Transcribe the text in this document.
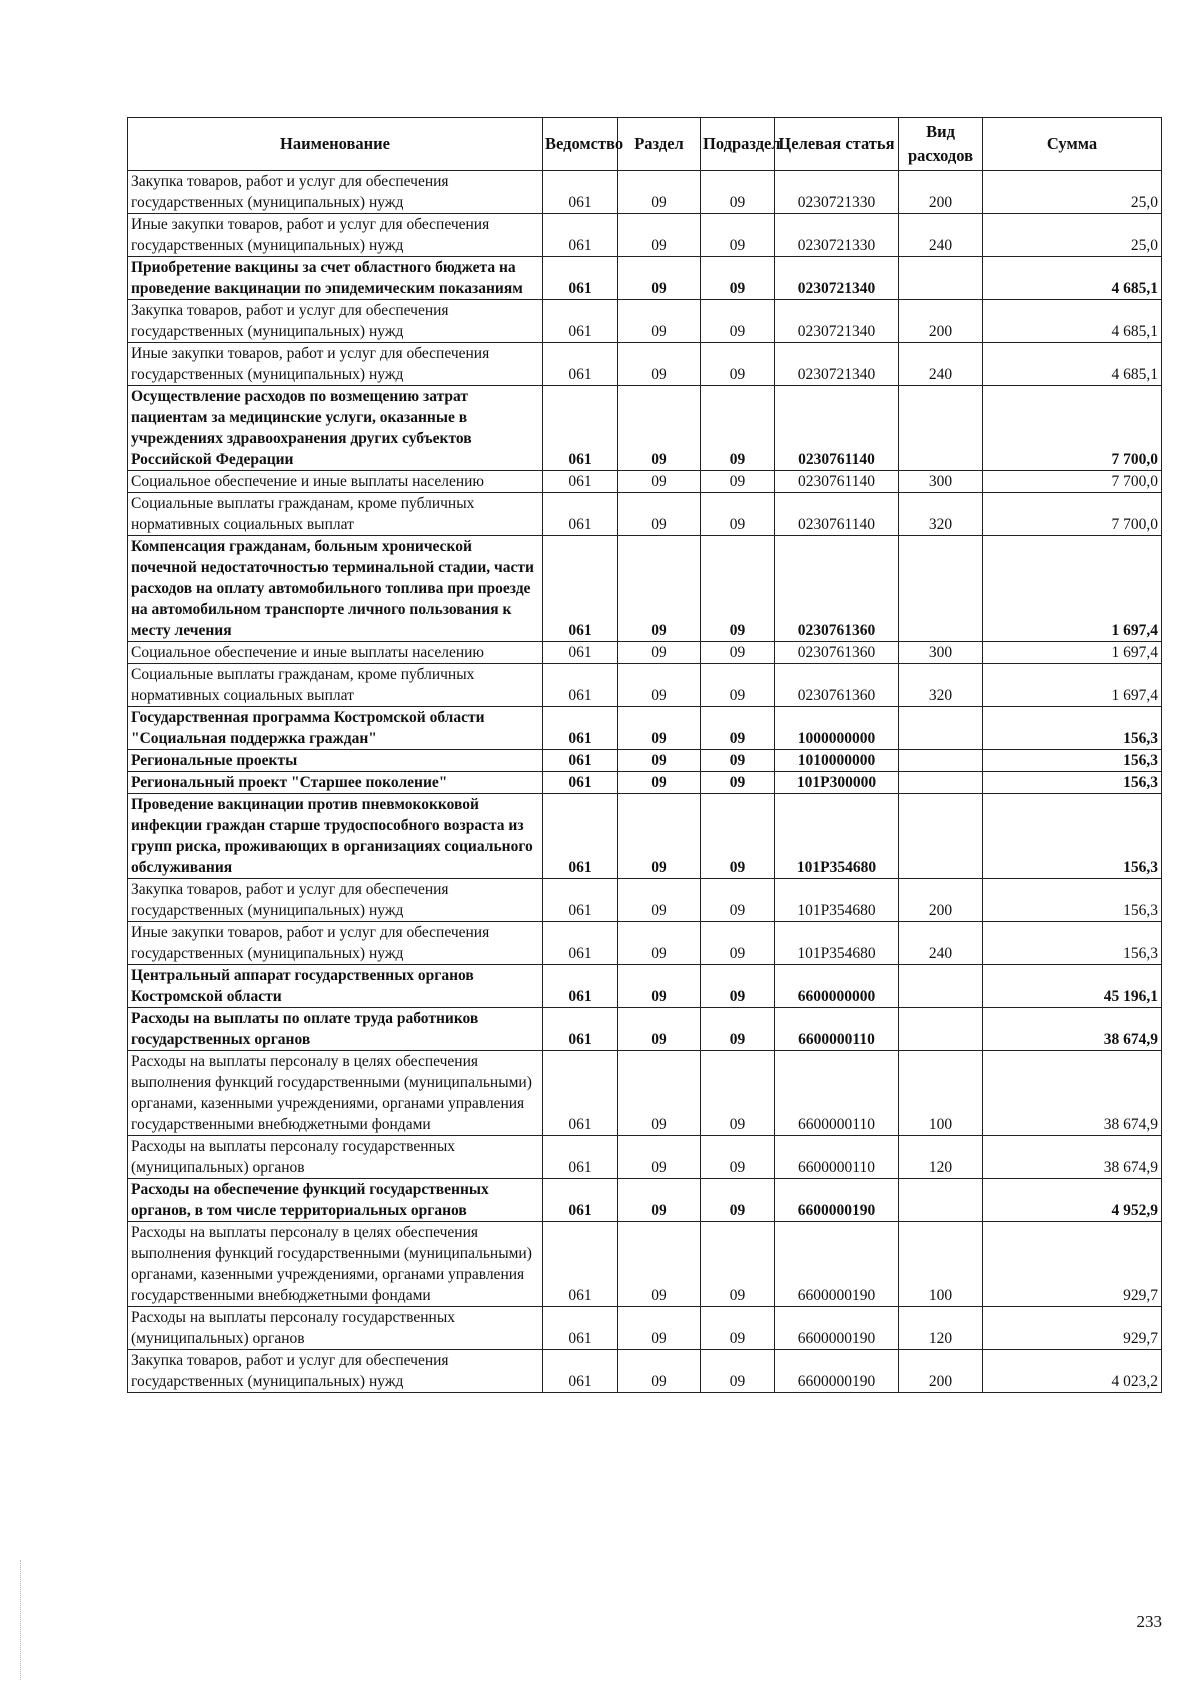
Наименование	Ведомство	Раздел	Подраздел	Целевая статья	Вид расходов	Сумма
Закупка товаров, работ и услуг для обеспечения государственных (муниципальных) нужд	061	09	09	0230721330	200	25,0
Иные закупки товаров, работ и услуг для обеспечения государственных (муниципальных) нужд	061	09	09	0230721330	240	25,0
Приобретение вакцины за счет областного бюджета на проведение вакцинации по эпидемическим показаниям	061	09	09	0230721340		4 685,1
Закупка товаров, работ и услуг для обеспечения государственных (муниципальных) нужд	061	09	09	0230721340	200	4 685,1
Иные закупки товаров, работ и услуг для обеспечения государственных (муниципальных) нужд	061	09	09	0230721340	240	4 685,1
Осуществление расходов по возмещению затрат пациентам за медицинские услуги, оказанные в учреждениях здравоохранения других субъектов Российской Федерации	061	09	09	0230761140		7 700,0
Социальное обеспечение и иные выплаты населению	061	09	09	0230761140	300	7 700,0
Социальные выплаты гражданам, кроме публичных нормативных социальных выплат	061	09	09	0230761140	320	7 700,0
Компенсация гражданам, больным хронической почечной недостаточностью терминальной стадии, части расходов на оплату автомобильного топлива при проезде на автомобильном транспорте личного пользования к месту лечения	061	09	09	0230761360		1 697,4
Социальное обеспечение и иные выплаты населению	061	09	09	0230761360	300	1 697,4
Социальные выплаты гражданам, кроме публичных нормативных социальных выплат	061	09	09	0230761360	320	1 697,4
Государственная программа Костромской области "Социальная поддержка граждан"	061	09	09	1000000000		156,3
Региональные проекты	061	09	09	1010000000		156,3
Региональный проект "Старшее поколение"	061	09	09	101P300000		156,3
Проведение вакцинации против пневмококковой инфекции граждан старше трудоспособного возраста из групп риска, проживающих в организациях социального обслуживания	061	09	09	101P354680		156,3
Закупка товаров, работ и услуг для обеспечения государственных (муниципальных) нужд	061	09	09	101P354680	200	156,3
Иные закупки товаров, работ и услуг для обеспечения государственных (муниципальных) нужд	061	09	09	101P354680	240	156,3
Центральный аппарат государственных органов Костромской области	061	09	09	6600000000		45 196,1
Расходы на выплаты по оплате труда работников государственных органов	061	09	09	6600000110		38 674,9
Расходы на выплаты персоналу в целях обеспечения выполнения функций государственными (муниципальными) органами, казенными учреждениями, органами управления государственными внебюджетными фондами	061	09	09	6600000110	100	38 674,9
Расходы на выплаты персоналу государственных (муниципальных) органов	061	09	09	6600000110	120	38 674,9
Расходы на обеспечение функций государственных органов, в том числе территориальных органов	061	09	09	6600000190		4 952,9
Расходы на выплаты персоналу в целях обеспечения выполнения функций государственными (муниципальными) органами, казенными учреждениями, органами управления государственными внебюджетными фондами	061	09	09	6600000190	100	929,7
Расходы на выплаты персоналу государственных (муниципальных) органов	061	09	09	6600000190	120	929,7
Закупка товаров, работ и услуг для обеспечения государственных (муниципальных) нужд	061	09	09	6600000190	200	4 023,2
233
